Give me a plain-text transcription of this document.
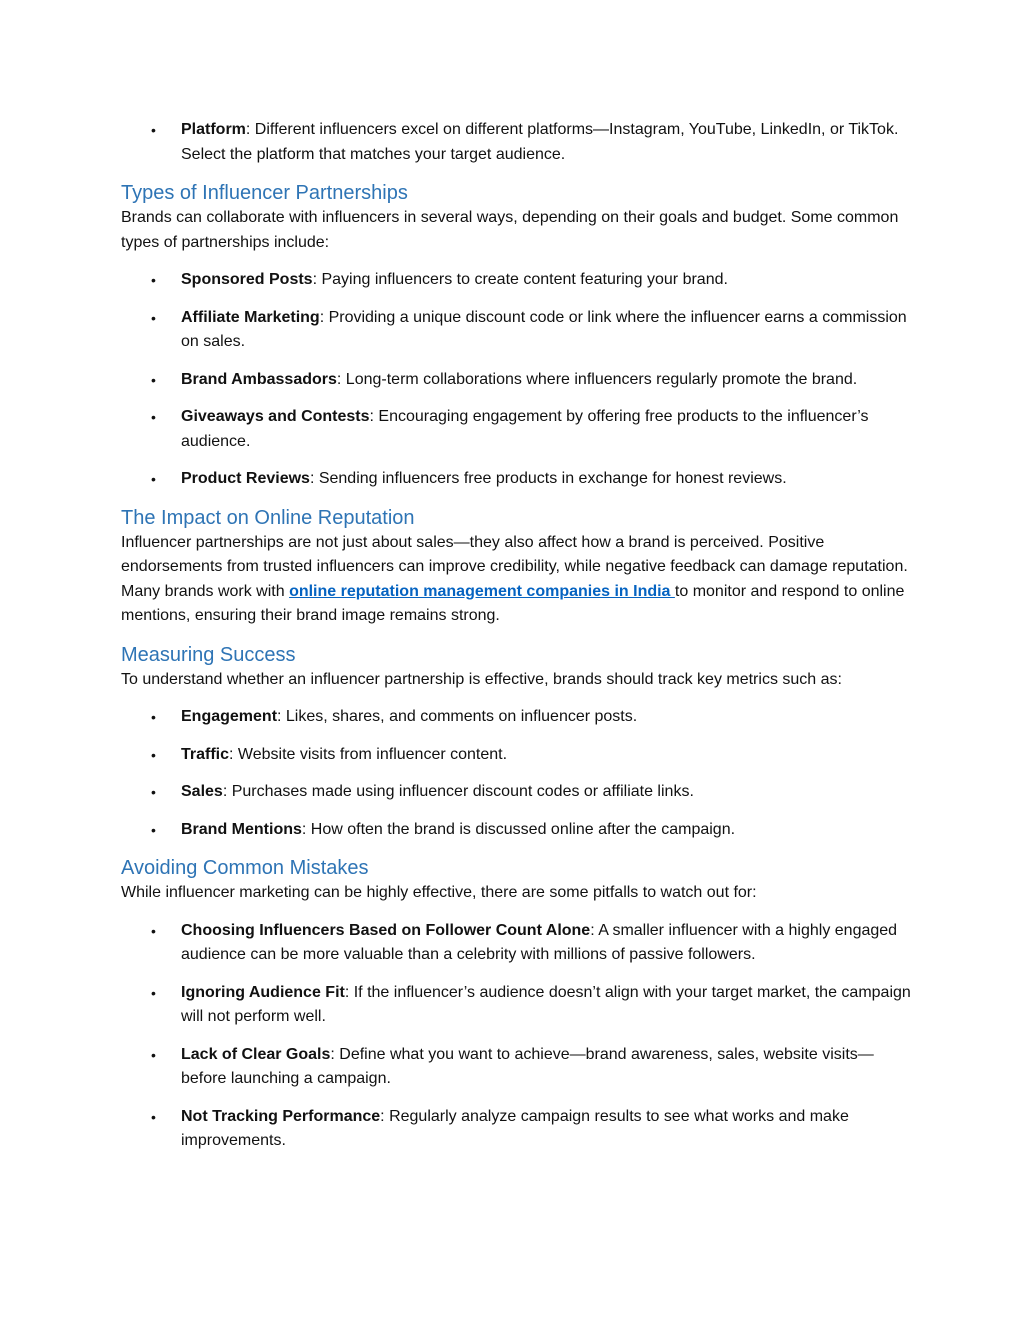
• Platform: Different influencers excel on different platforms—Instagram, YouTube, LinkedIn, or TikTok. Select the platform that matches your target audience.
Types of Influencer Partnerships

Brands can collaborate with influencers in several ways, depending on their goals and budget. Some common types of partnerships include:

• Sponsored Posts: Paying influencers to create content featuring your brand.
• Affiliate Marketing: Providing a unique discount code or link where the influencer earns a commission on sales.
• Brand Ambassadors: Long-term collaborations where influencers regularly promote the brand.
• Giveaways and Contests: Encouraging engagement by offering free products to the influencer’s audience.
• Product Reviews: Sending influencers free products in exchange for honest reviews.
The Impact on Online Reputation

Influencer partnerships are not just about sales—they also affect how a brand is perceived. Positive endorsements from trusted influencers can improve credibility, while negative feedback can damage reputation. Many brands work with online reputation management companies in India to monitor and respond to online mentions, ensuring their brand image remains strong.

Measuring Success

To understand whether an influencer partnership is effective, brands should track key metrics such as:

• Engagement: Likes, shares, and comments on influencer posts.
• Traffic: Website visits from influencer content.
• Sales: Purchases made using influencer discount codes or affiliate links.
• Brand Mentions: How often the brand is discussed online after the campaign.
Avoiding Common Mistakes

While influencer marketing can be highly effective, there are some pitfalls to watch out for:

• Choosing Influencers Based on Follower Count Alone: A smaller influencer with a highly engaged audience can be more valuable than a celebrity with millions of passive followers.
• Ignoring Audience Fit: If the influencer’s audience doesn’t align with your target market, the campaign will not perform well.
• Lack of Clear Goals: Define what you want to achieve—brand awareness, sales, website visits—before launching a campaign.
• Not Tracking Performance: Regularly analyze campaign results to see what works and make improvements.
